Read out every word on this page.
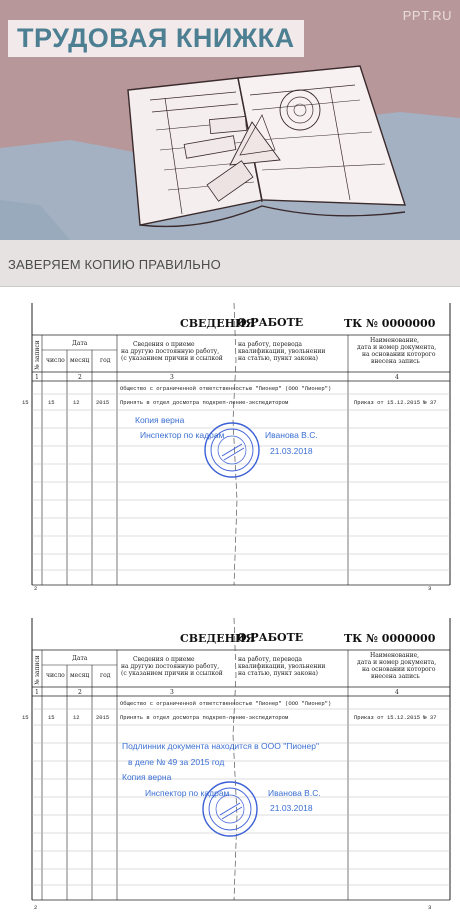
PPT.RU
ТРУДОВАЯ КНИЖКА
ЗАВЕРЯЕМ КОПИЮ ПРАВИЛЬНО
СВЕДЕНИЯ
О РАБОТЕ	ТК № 0000000
№ записи	Дата
число месяц год
Сведения о приеме
на другую постоянную работу,
(с указанием причин и ссылкой
на работу, перевода
квалификации, увольнении
на статью, пункт закона)
Наименование,
дата и номер документа,
на основании которого
внесена запись
1	2	3	4
Общество с ограниченной ответственностью "Пионер" (ООО "Пионер")
15	15	12	2015 Принять в отдел досмотра подкреп-ление-экспедитором	Приказ от 15.12.2015 № 37
Копия верна
Инспектор по кадрам	Иванова В.С.
21.03.2018
2	3
СВЕДЕНИЯ
О РАБОТЕ	ТК № 0000000
№ записи	Дата
число месяц год
Сведения о приеме
на другую постоянную работу,
(с указанием причин и ссылкой
на работу, перевода
квалификации, увольнении
на статью, пункт закона)
Наименование,
дата и номер документа,
на основании которого
внесена запись
1	2	3	4
Общество с ограниченной ответственностью "Пионер" (ООО "Пионер")
15	15	12	2015 Принять в отдел досмотра подкреп-ление-экспедитором	Приказ от 15.12.2015 № 37
Подлинник документа находится в ООО "Пионер"
в деле № 49 за 2015 год
Копия верна
Инспектор по кадрам	Иванова В.С.
21.03.2018
2	3
